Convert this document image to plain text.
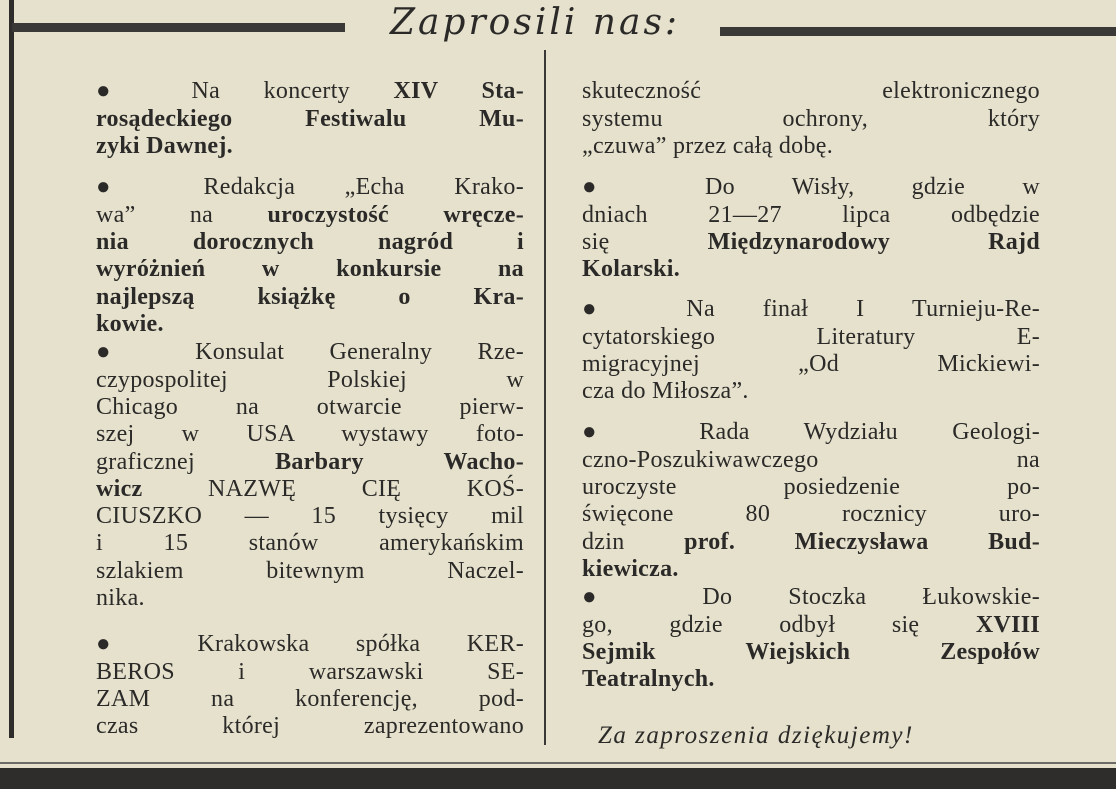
Zaprosili nas:
● Na koncerty XIV Sta-
rosądeckiego Festiwalu Mu-
zyki Dawnej.
● Redakcja „Echa Krako-
wa” na uroczystość wręcze-
nia dorocznych nagród i
wyróżnień w konkursie na
najlepszą książkę o Kra-
kowie.
● Konsulat Generalny Rze-
czypospolitej Polskiej w
Chicago na otwarcie pierw-
szej w USA wystawy foto-
graficznej Barbary Wacho-
wicz NAZWĘ CIĘ KOŚ-
CIUSZKO — 15 tysięcy mil
i 15 stanów amerykańskim
szlakiem bitewnym Naczel-
nika.
● Krakowska spółka KER-
BEROS i warszawski SE-
ZAM na konferencję, pod-
czas której zaprezentowano
skuteczność elektronicznego
systemu ochrony, który
„czuwa” przez całą dobę.
● Do Wisły, gdzie w
dniach 21—27 lipca odbędzie
się Międzynarodowy Rajd
Kolarski.
● Na finał I Turnieju-Re-
cytatorskiego Literatury E-
migracyjnej „Od Mickiewi-
cza do Miłosza”.
● Rada Wydziału Geologi-
czno-Poszukiwawczego na
uroczyste posiedzenie po-
święcone 80 rocznicy uro-
dzin prof. Mieczysława Bud-
kiewicza.
● Do Stoczka Łukowskie-
go, gdzie odbył się XVIII
Sejmik Wiejskich Zespołów
Teatralnych.
Za zaproszenia dziękujemy!
